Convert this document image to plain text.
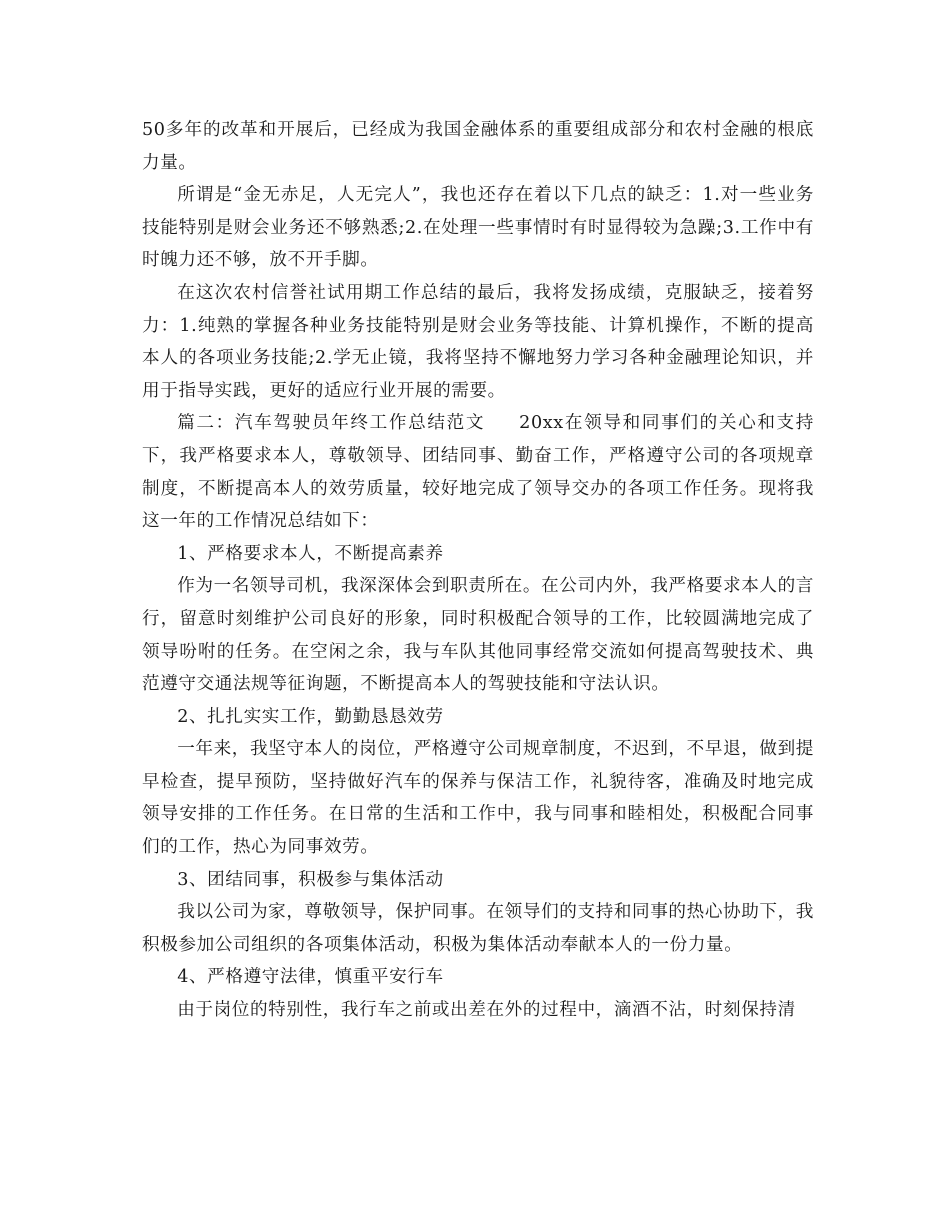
50多年的改革和开展后，已经成为我国金融体系的重要组成部分和农村金融的根底力量。

所谓是“金无赤足，人无完人”，我也还存在着以下几点的缺乏：1.对一些业务技能特别是财会业务还不够熟悉;2.在处理一些事情时有时显得较为急躁;3.工作中有时魄力还不够，放不开手脚。

在这次农村信誉社试用期工作总结的最后，我将发扬成绩，克服缺乏，接着努力：1.纯熟的掌握各种业务技能特别是财会业务等技能、计算机操作，不断的提高本人的各项业务技能;2.学无止镜，我将坚持不懈地努力学习各种金融理论知识，并用于指导实践，更好的适应行业开展的需要。

篇二：汽车驾驶员年终工作总结范文 20xx在领导和同事们的关心和支持下，我严格要求本人，尊敬领导、团结同事、勤奋工作，严格遵守公司的各项规章制度，不断提高本人的效劳质量，较好地完成了领导交办的各项工作任务。现将我这一年的工作情况总结如下：

1、严格要求本人，不断提高素养

作为一名领导司机，我深深体会到职责所在。在公司内外，我严格要求本人的言行，留意时刻维护公司良好的形象，同时积极配合领导的工作，比较圆满地完成了领导吩咐的任务。在空闲之余，我与车队其他同事经常交流如何提高驾驶技术、典范遵守交通法规等征询题，不断提高本人的驾驶技能和守法认识。

2、扎扎实实工作，勤勤恳恳效劳

一年来，我坚守本人的岗位，严格遵守公司规章制度，不迟到，不早退，做到提早检查，提早预防，坚持做好汽车的保养与保洁工作，礼貌待客，准确及时地完成领导安排的工作任务。在日常的生活和工作中，我与同事和睦相处，积极配合同事们的工作，热心为同事效劳。

3、团结同事，积极参与集体活动

我以公司为家，尊敬领导，保护同事。在领导们的支持和同事的热心协助下，我积极参加公司组织的各项集体活动，积极为集体活动奉献本人的一份力量。

4、严格遵守法律，慎重平安行车

由于岗位的特别性，我行车之前或出差在外的过程中，滴酒不沾，时刻保持清
